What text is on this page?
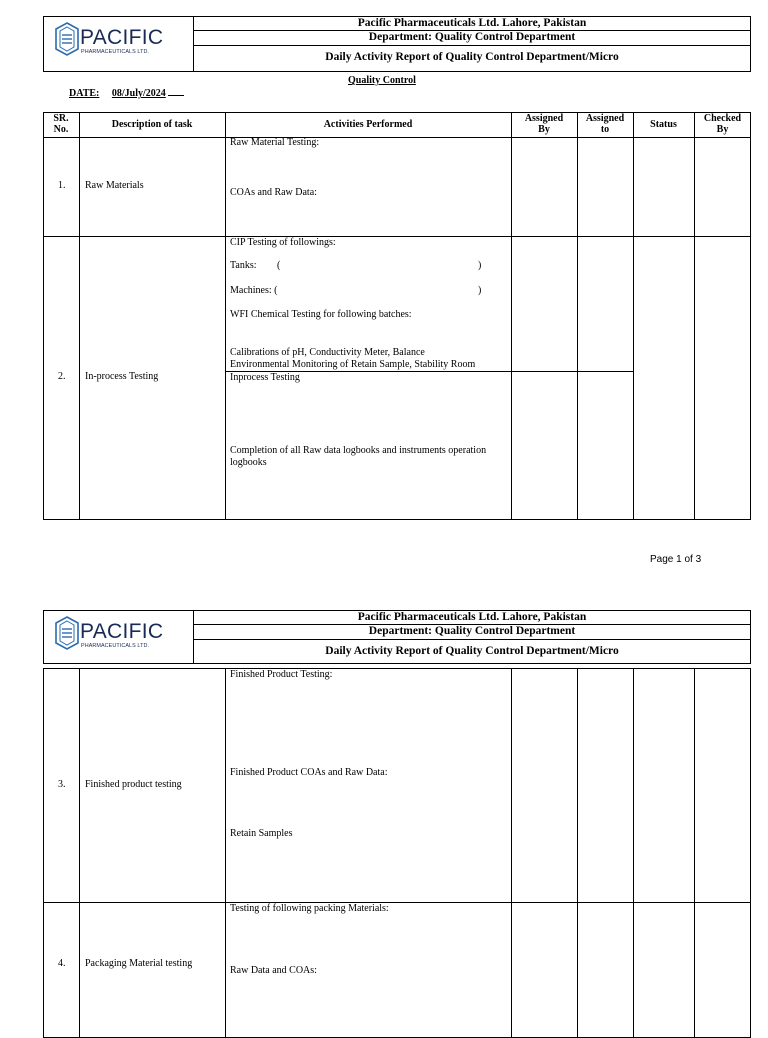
PACIFIC
PHARMACEUTICALS LTD.
Pacific Pharmaceuticals Ltd. Lahore, Pakistan
Department: Quality Control Department
Daily Activity Report of Quality Control Department/Micro
Quality Control
DATE: 08/July/2024
SR.
No.	Description of task	Activities Performed
Assigned
By
Assigned
to	Status
Checked
By
1. Raw Materials
Raw Material Testing:
COAs and Raw Data:
2. In-process Testing
CIP Testing of followings:
Tanks: (	)
Machines: (	)
WFI Chemical Testing for following batches:
Calibrations of pH, Conductivity Meter, Balance
Environmental Monitoring of Retain Sample, Stability Room
Inprocess Testing
Completion of all Raw data logbooks and instruments operation
logbooks
Page 1 of 3
PACIFIC
PHARMACEUTICALS LTD.
Pacific Pharmaceuticals Ltd. Lahore, Pakistan
Department: Quality Control Department
Daily Activity Report of Quality Control Department/Micro
3. Finished product testing
Finished Product Testing:
Finished Product COAs and Raw Data:
Retain Samples
4. Packaging Material testing
Testing of following packing Materials:
Raw Data and COAs:
